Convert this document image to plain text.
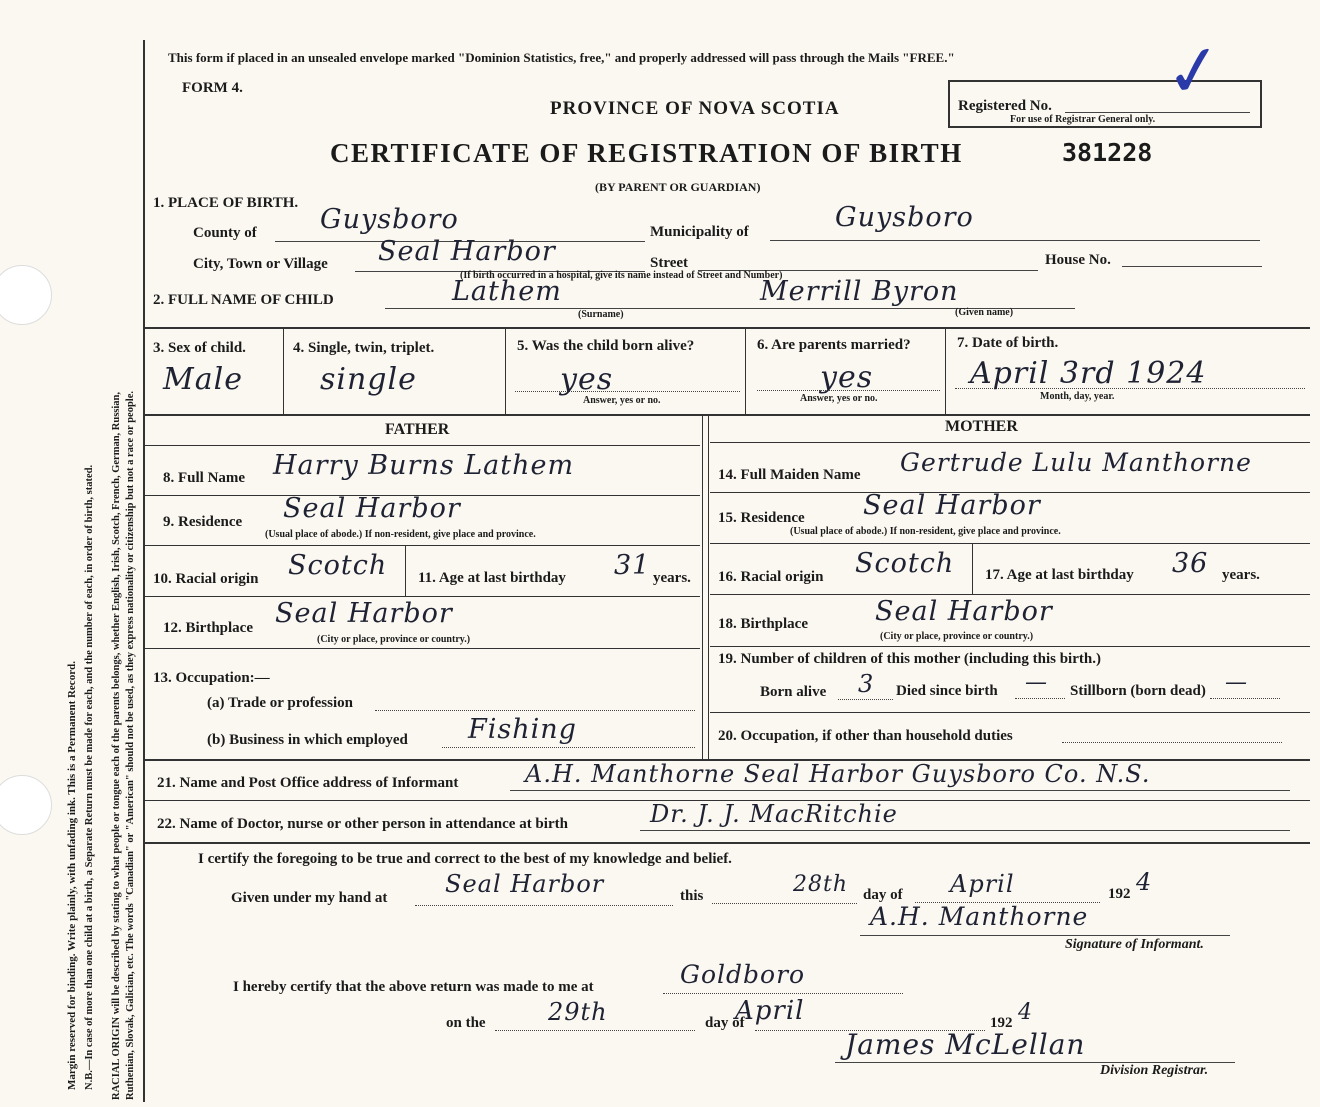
Margin reserved for binding. Write plainly, with unfading ink. This is a Permanent Record. N.B.—In case of more than one child at a birth, a Separate Return must be made for each, and the number of each, in order of birth, stated. RACIAL ORIGIN will be described by stating to what people or tongue each of the parents belongs, whether English, Irish, Scotch, French, German, Russian, Ruthenian, Slovak, Galician, etc. The words "Canadian" or "American" should not be used, as they express nationality or citizenship but not a race or people.
This form if placed in an unsealed envelope marked "Dominion Statistics, free," and properly addressed will pass through the Mails "FREE."
FORM 4.
PROVINCE OF NOVA SCOTIA	Registered No.
For use of Registrar General only.
✓
CERTIFICATE OF REGISTRATION OF BIRTH	381228
(BY PARENT OR GUARDIAN)
1. PLACE OF BIRTH.
County of Guysboro	Municipality of	Guysboro
City, Town or Village Seal Harbor	Street	House No.
(If birth occurred in a hospital, give its name instead of Street and Number)
2. FULL NAME OF CHILD	Lathem
(Surname)
Merrill Byron
(Given name)
3. Sex of child.
Male
4. Single, twin, triplet.
single
5. Was the child born alive?
yes
Answer, yes or no.
6. Are parents married?
yes
Answer, yes or no.
7. Date of birth.
April 3rd 1924
Month, day, year.
FATHER	MOTHER
8. Full Name Harry Burns Lathem
9. Residence Seal Harbor
(Usual place of abode.) If non-resident, give place and province.
10. Racial origin Scotch 11. Age at last birthday 31 years.
12. Birthplace Seal Harbor
(City or place, province or country.)
13. Occupation:—
(a) Trade or profession
(b) Business in which employed Fishing
14. Full Maiden Name Gertrude Lulu Manthorne
15. Residence Seal Harbor
(Usual place of abode.) If non-resident, give place and province.
16. Racial origin Scotch 17. Age at last birthday 36 years.
18. Birthplace Seal Harbor
(City or place, province or country.)
19. Number of children of this mother (including this birth.)
Born alive 3 Died since birth — Stillborn (born dead) —
20. Occupation, if other than household duties
21. Name and Post Office address of Informant	A.H. Manthorne Seal Harbor Guysboro Co. N.S.
22. Name of Doctor, nurse or other person in attendance at birth	Dr. J. J. MacRitchie
I certify the foregoing to be true and correct to the best of my knowledge and belief.
Given under my hand at Seal Harbor	this	28th day of April	192 4
A.H. Manthorne
Signature of Informant.
I hereby certify that the above return was made to me at	Goldboro
on the	29th	day of
April	192 4
James McLellan
Division Registrar.
